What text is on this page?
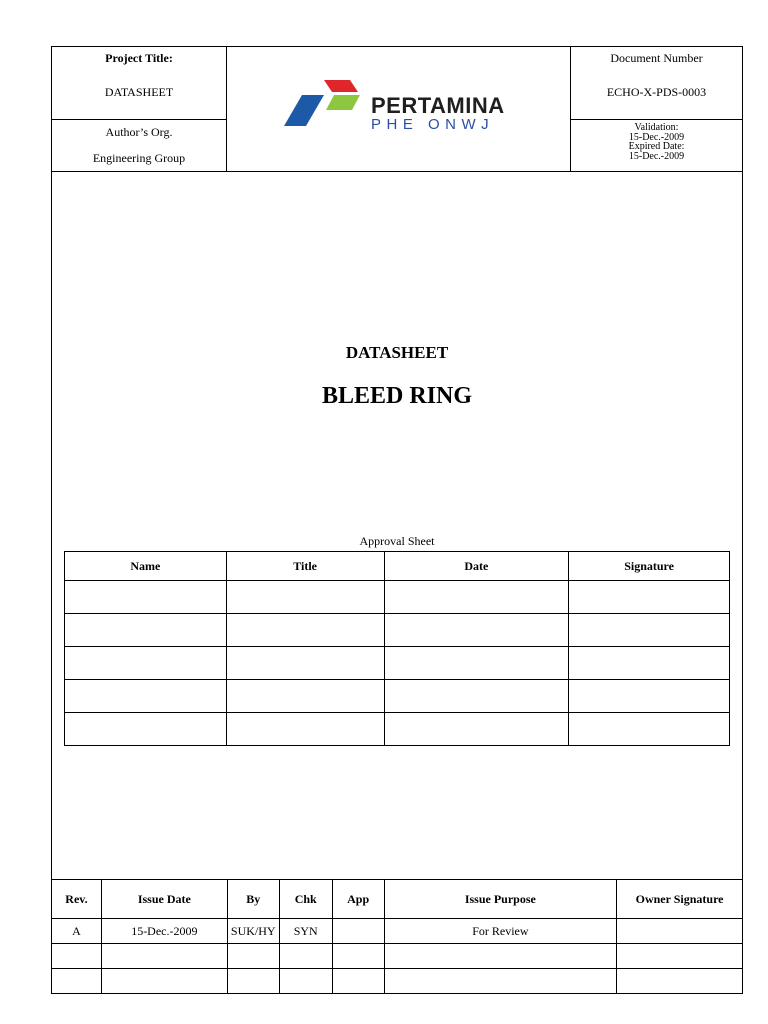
Project Title:
DATASHEET
Author’s Org.
Engineering Group
PERTAMINA
PHE ONWJ
Document Number
ECHO-X-PDS-0003
Validation:
15-Dec.-2009
Expired Date:
15-Dec.-2009
DATASHEET
BLEED RING
Approval Sheet
Name	Title	Date	Signature

Rev.	Issue Date	By	Chk	App	Issue Purpose	Owner Signature
A	15-Dec.-2009	SUK/HY	SYN		For Review	
